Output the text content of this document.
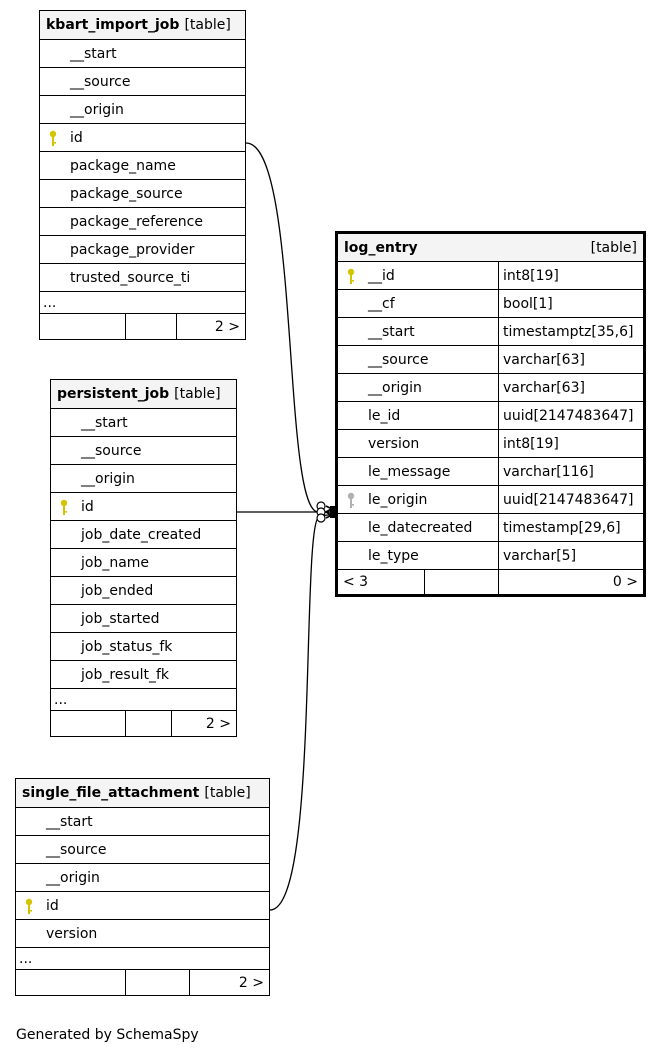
kbart_import_job [table]

__start
__source
__origin

id
package_name
package_source
package_reference
package_provider
trusted_source_ti
...
		2 >
persistent_job [table]

__start
__source
__origin

id
job_date_created
job_name
job_ended
job_started
job_status_fk
job_result_fk
...
		2 >
single_file_attachment [table]

__start
__source
__origin

id
version
...
		2 >
log_entry [table]		

__id		int8[19]
__cf		bool[1]
__start		timestamptz[35,6]
__source		varchar[63]
__origin		varchar[63]
le_id		uuid[2147483647]
version		int8[19]
le_message		varchar[116]

le_origin		uuid[2147483647]
le_datecreated		timestamp[29,6]
le_type		varchar[5]
< 3		0 >
Generated by SchemaSpy
